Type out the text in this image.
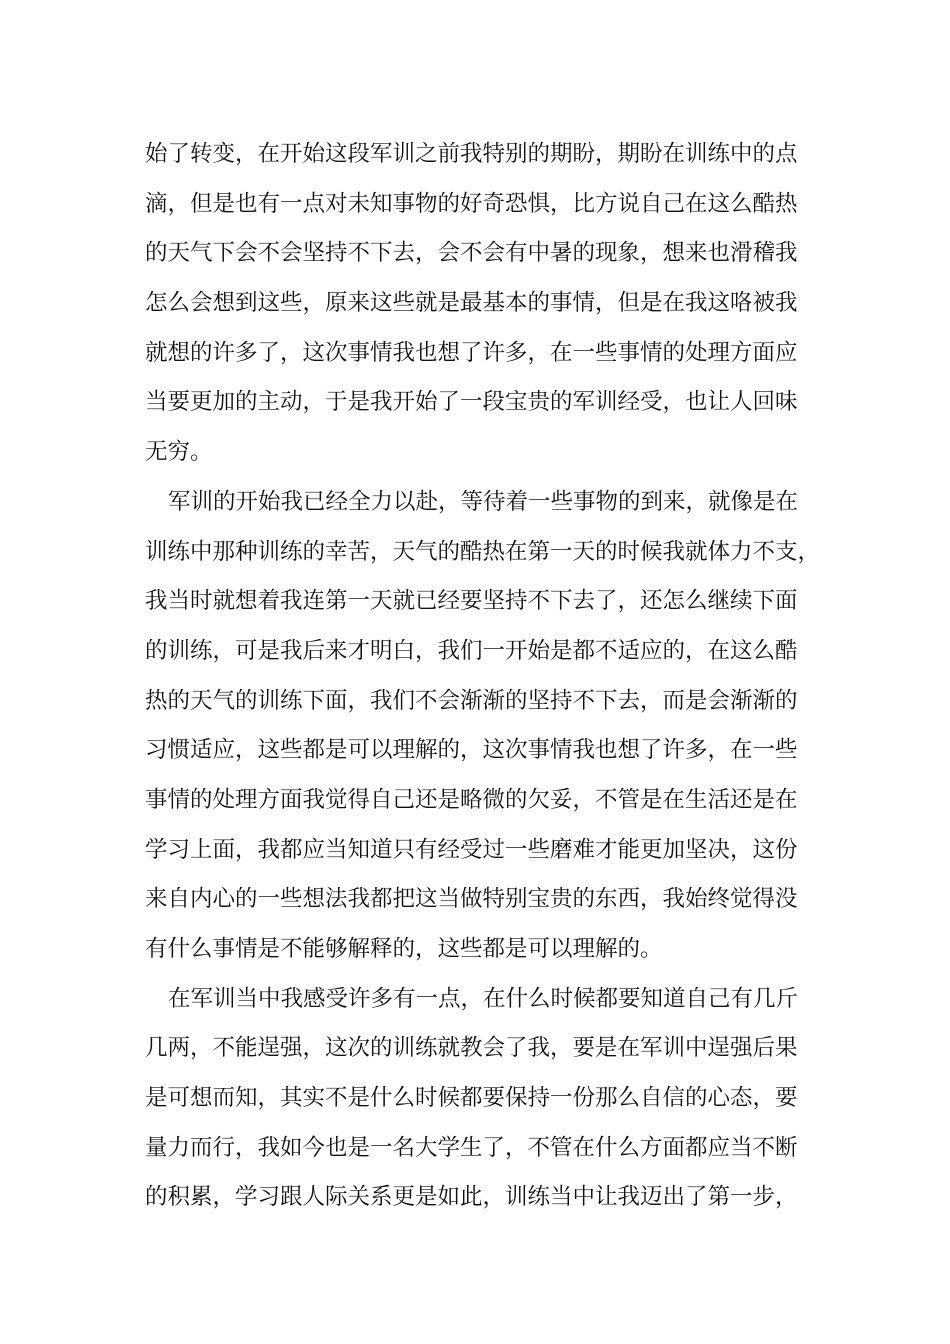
始了转变，在开始这段军训之前我特别的期盼，期盼在训练中的点
滴，但是也有一点对未知事物的好奇恐惧，比方说自己在这么酷热
的天气下会不会坚持不下去，会不会有中暑的现象，想来也滑稽我
怎么会想到这些，原来这些就是最基本的事情，但是在我这咯被我
就想的许多了，这次事情我也想了许多，在一些事情的处理方面应
当要更加的主动，于是我开始了一段宝贵的军训经受，也让人回味
无穷。
军训的开始我已经全力以赴，等待着一些事物的到来，就像是在
训练中那种训练的幸苦，天气的酷热在第一天的时候我就体力不支，
我当时就想着我连第一天就已经要坚持不下去了，还怎么继续下面
的训练，可是我后来才明白，我们一开始是都不适应的，在这么酷
热的天气的训练下面，我们不会渐渐的坚持不下去，而是会渐渐的
习惯适应，这些都是可以理解的，这次事情我也想了许多，在一些
事情的处理方面我觉得自己还是略微的欠妥，不管是在生活还是在
学习上面，我都应当知道只有经受过一些磨难才能更加坚决，这份
来自内心的一些想法我都把这当做特别宝贵的东西，我始终觉得没
有什么事情是不能够解释的，这些都是可以理解的。
在军训当中我感受许多有一点，在什么时候都要知道自己有几斤
几两，不能逞强，这次的训练就教会了我，要是在军训中逞强后果
是可想而知，其实不是什么时候都要保持一份那么自信的心态，要
量力而行，我如今也是一名大学生了，不管在什么方面都应当不断
的积累，学习跟人际关系更是如此，训练当中让我迈出了第一步，
